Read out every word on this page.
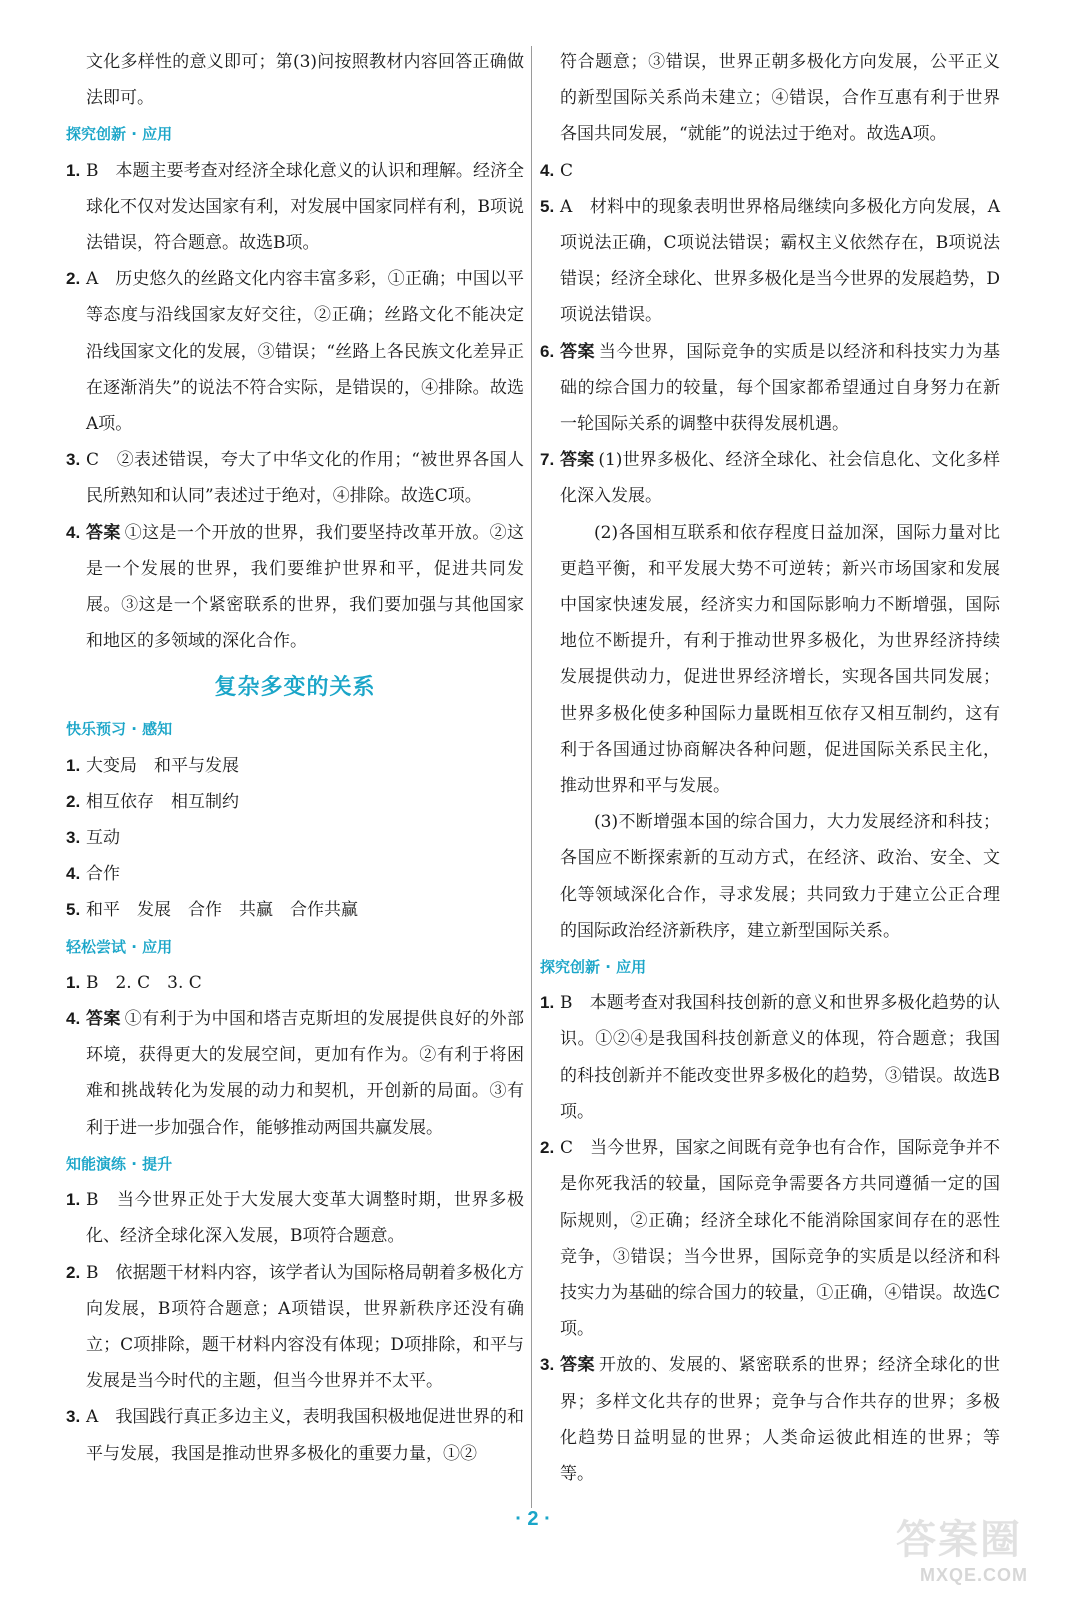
文化多样性的意义即可；第(3)问按照教材内容回答正确做法即可。

探究创新 · 应用

1. B　本题主要考查对经济全球化意义的认识和理解。经济全球化不仅对发达国家有利，对发展中国家同样有利，B项说法错误，符合题意。故选B项。
2. A　历史悠久的丝路文化内容丰富多彩，①正确；中国以平等态度与沿线国家友好交往，②正确；丝路文化不能决定沿线国家文化的发展，③错误；“丝路上各民族文化差异正在逐渐消失”的说法不符合实际，是错误的，④排除。故选A项。
3. C　②表述错误，夸大了中华文化的作用；“被世界各国人民所熟知和认同”表述过于绝对，④排除。故选C项。
4. 答案 ①这是一个开放的世界，我们要坚持改革开放。②这是一个发展的世界，我们要维护世界和平，促进共同发展。③这是一个紧密联系的世界，我们要加强与其他国家和地区的多领域的深化合作。
复杂多变的关系

快乐预习 · 感知

1. 大变局　和平与发展
2. 相互依存　相互制约
3. 互动
4. 合作
5. 和平　发展　合作　共赢　合作共赢

轻松尝试 · 应用

1. B　2. C　3. C
4. 答案 ①有利于为中国和塔吉克斯坦的发展提供良好的外部环境，获得更大的发展空间，更加有作为。②有利于将困难和挑战转化为发展的动力和契机，开创新的局面。③有利于进一步加强合作，能够推动两国共赢发展。

知能演练 · 提升

1. B　当今世界正处于大发展大变革大调整时期，世界多极化、经济全球化深入发展，B项符合题意。
2. B　依据题干材料内容，该学者认为国际格局朝着多极化方向发展，B项符合题意；A项错误，世界新秩序还没有确立；C项排除，题干材料内容没有体现；D项排除，和平与发展是当今时代的主题，但当今世界并不太平。
3. A　我国践行真正多边主义，表明我国积极地促进世界的和平与发展，我国是推动世界多极化的重要力量，①②

符合题意；③错误，世界正朝多极化方向发展，公平正义的新型国际关系尚未建立；④错误，合作互惠有利于世界各国共同发展，“就能”的说法过于绝对。故选A项。

4. C
5. A　材料中的现象表明世界格局继续向多极化方向发展，A项说法正确，C项说法错误；霸权主义依然存在，B项说法错误；经济全球化、世界多极化是当今世界的发展趋势，D项说法错误。
6. 答案 当今世界，国际竞争的实质是以经济和科技实力为基础的综合国力的较量，每个国家都希望通过自身努力在新一轮国际关系的调整中获得发展机遇。
7. 答案 (1)世界多极化、经济全球化、社会信息化、文化多样化深入发展。

(2)各国相互联系和依存程度日益加深，国际力量对比更趋平衡，和平发展大势不可逆转；新兴市场国家和发展中国家快速发展，经济实力和国际影响力不断增强，国际地位不断提升，有利于推动世界多极化，为世界经济持续发展提供动力，促进世界经济增长，实现各国共同发展；世界多极化使多种国际力量既相互依存又相互制约，这有利于各国通过协商解决各种问题，促进国际关系民主化，推动世界和平与发展。

(3)不断增强本国的综合国力，大力发展经济和科技；各国应不断探索新的互动方式，在经济、政治、安全、文化等领域深化合作，寻求发展；共同致力于建立公正合理的国际政治经济新秩序，建立新型国际关系。

探究创新 · 应用

1. B　本题考查对我国科技创新的意义和世界多极化趋势的认识。①②④是我国科技创新意义的体现，符合题意；我国的科技创新并不能改变世界多极化的趋势，③错误。故选B项。
2. C　当今世界，国家之间既有竞争也有合作，国际竞争并不是你死我活的较量，国际竞争需要各方共同遵循一定的国际规则，②正确；经济全球化不能消除国家间存在的恶性竞争，③错误；当今世界，国际竞争的实质是以经济和科技实力为基础的综合国力的较量，①正确，④错误。故选C项。
3. 答案 开放的、发展的、紧密联系的世界；经济全球化的世界；多样文化共存的世界；竞争与合作共存的世界；多极化趋势日益明显的世界；人类命运彼此相连的世界；等等。
· 2 ·	答案圈
MXQE.COM
